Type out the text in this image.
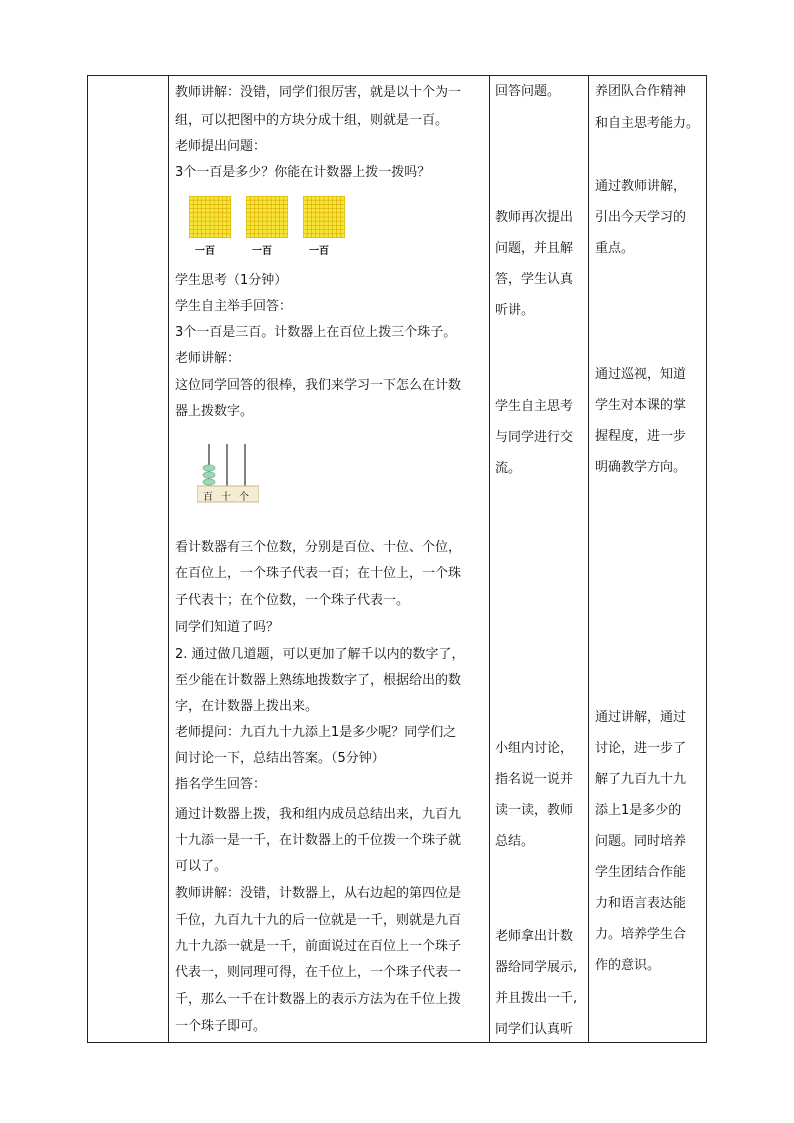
教师讲解：没错，同学们很厉害，就是以十个为一
组，可以把图中的方块分成十组，则就是一百。
老师提出问题：
3个一百是多少？你能在计数器上拨一拨吗？
一百	一百	一百
学生思考（1分钟）
学生自主举手回答：
3个一百是三百。计数器上在百位上拨三个珠子。
老师讲解：
这位同学回答的很棒，我们来学习一下怎么在计数
器上拨数字。
百 十 个
看计数器有三个位数，分别是百位、十位、个位，
在百位上，一个珠子代表一百；在十位上，一个珠
子代表十；在个位数，一个珠子代表一。
同学们知道了吗？
2. 通过做几道题，可以更加了解千以内的数字了，
至少能在计数器上熟练地拨数字了，根据给出的数
字，在计数器上拨出来。
老师提问：九百九十九添上1是多少呢？同学们之
间讨论一下，总结出答案。（5分钟）
指名学生回答：
通过计数器上拨，我和组内成员总结出来，九百九
十九添一是一千，在计数器上的千位拨一个珠子就
可以了。
教师讲解：没错，计数器上，从右边起的第四位是
千位，九百九十九的后一位就是一千，则就是九百
九十九添一就是一千，前面说过在百位上一个珠子
代表一，则同理可得，在千位上，一个珠子代表一
千，那么一千在计数器上的表示方法为在千位上拨
一个珠子即可。
回答问题。
教师再次提出
问题，并且解
答，学生认真
听讲。
学生自主思考
与同学进行交
流。
小组内讨论，
指名说一说并
读一读，教师
总结。
老师拿出计数
器给同学展示,
并且拨出一千,
同学们认真听
养团队合作精神
和自主思考能力。
通过教师讲解，
引出今天学习的
重点。
通过巡视，知道
学生对本课的掌
握程度，进一步
明确教学方向。
通过讲解，通过
讨论，进一步了
解了九百九十九
添上1是多少的
问题。同时培养
学生团结合作能
力和语言表达能
力。培养学生合
作的意识。
